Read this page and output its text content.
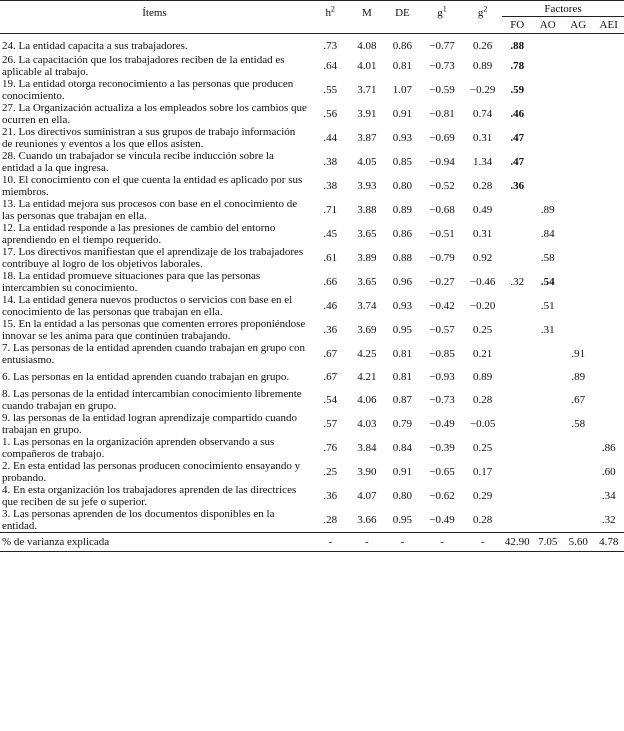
Ítems	$h^2$	M	DE	$g^1$	$g^2$	Factores			
						FO	AO	AG	AEI
24. La entidad capacita a sus trabajadores.	.73	4.08	0.86	−0.77	0.26	.88			
26. La capacitación que los trabajadores reciben de la entidad es aplicable al trabajo.	.64	4.01	0.81	−0.73	0.89	.78			
19. La entidad otorga reconocimiento a las personas que producen conocimiento.	.55	3.71	1.07	−0.59	−0.29	.59			
27. La Organización actualiza a los empleados sobre los cambios que ocurren en ella.	.56	3.91	0.91	−0.81	0.74	.46			
21. Los directivos suministran a sus grupos de trabajo información de reuniones y eventos a los que ellos asisten.	.44	3.87	0.93	−0.69	0.31	.47			
28. Cuando un trabajador se vincula recibe inducción sobre la entidad a la que ingresa.	.38	4.05	0.85	−0.94	1.34	.47			
10. El conocimiento con el que cuenta la entidad es aplicado por sus miembros.	.38	3.93	0.80	−0.52	0.28	.36			
13. La entidad mejora sus procesos con base en el conocimiento de las personas que trabajan en ella.	.71	3.88	0.89	−0.68	0.49		.89		
12. La entidad responde a las presiones de cambio del entorno aprendiendo en el tiempo requerido.	.45	3.65	0.86	−0.51	0.31		.84		
17. Los directivos manifiestan que el aprendizaje de los trabajadores contribuye al logro de los objetivos laborales.	.61	3.89	0.88	−0.79	0.92		.58		
18. La entidad promueve situaciones para que las personas intercambien su conocimiento.	.66	3.65	0.96	−0.27	−0.46	.32	.54		
14. La entidad genera nuevos productos o servicios con base en el conocimiento de las personas que trabajan en ella.	.46	3.74	0.93	−0.42	−0.20		.51		
15. En la entidad a las personas que comenten errores proponiéndose innovar se les anima para que continúen trabajando.	.36	3.69	0.95	−0.57	0.25		.31		
7. Las personas de la entidad aprenden cuando trabajan en grupo con entusiasmo.	.67	4.25	0.81	−0.85	0.21			.91	
6. Las personas en la entidad aprenden cuando trabajan en grupo.	.67	4.21	0.81	−0.93	0.89			.89	
8. Las personas de la entidad intercambian conocimiento libremente cuando trabajan en grupo.	.54	4.06	0.87	−0.73	0.28			.67	
9. las personas de la entidad logran aprendizaje compartido cuando trabajan en grupo.	.57	4.03	0.79	−0.49	−0.05			.58	
1. Las personas en la organización aprenden observando a sus compañeros de trabajo.	.76	3.84	0.84	−0.39	0.25				.86
2. En esta entidad las personas producen conocimiento ensayando y probando.	.25	3.90	0.91	−0.65	0.17				.60
4. En esta organización los trabajadores aprenden de las directrices que reciben de su jefe o superior.	.36	4.07	0.80	−0.62	0.29				.34
3. Las personas aprenden de los documentos disponibles en la entidad.	.28	3.66	0.95	−0.49	0.28				.32
% de varianza explicada	-	-	-	-	-	42.90	7.05	5.60	4.78
